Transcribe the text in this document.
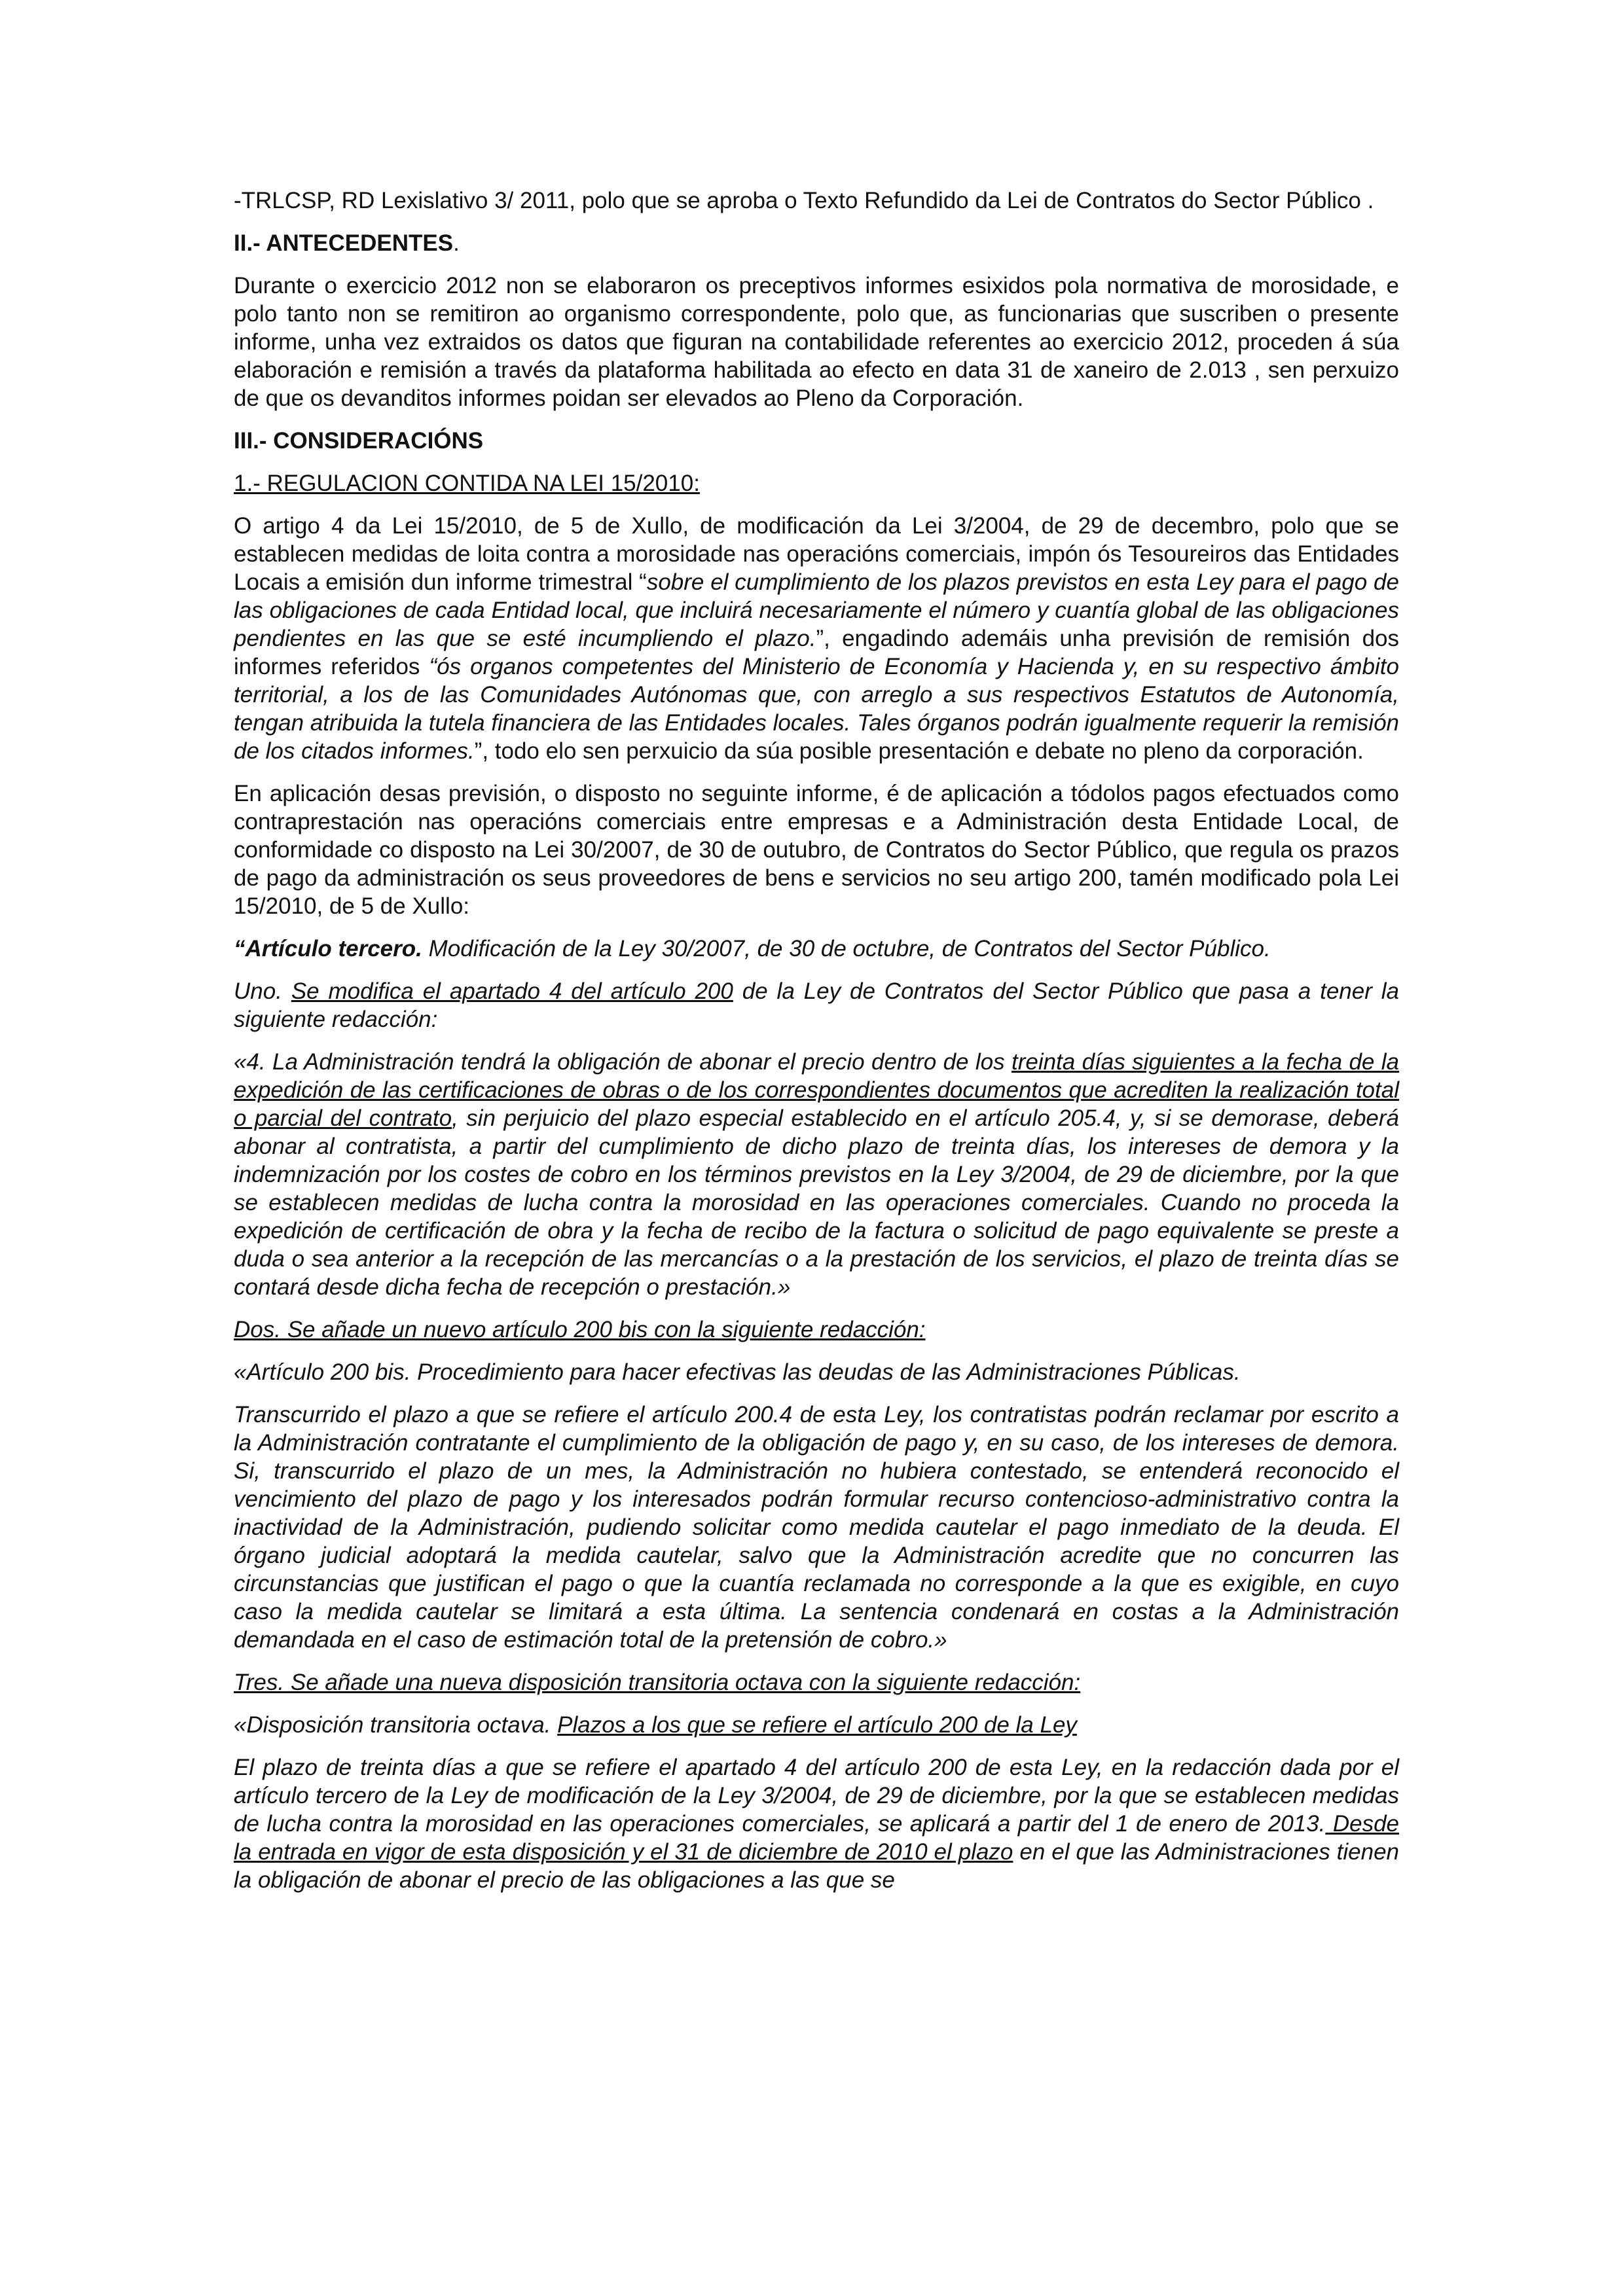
-TRLCSP, RD Lexislativo 3/ 2011, polo que se aproba o Texto Refundido da Lei de Contratos do Sector Público .

II.- ANTECEDENTES.

Durante o exercicio 2012 non se elaboraron os preceptivos informes esixidos pola normativa de morosidade, e polo tanto non se remitiron ao organismo correspondente, polo que, as funcionarias que suscriben o presente informe, unha vez extraidos os datos que figuran na contabilidade referentes ao exercicio 2012, proceden á súa elaboración e remisión a través da plataforma habilitada ao efecto en data 31 de xaneiro de 2.013 , sen perxuizo de que os devanditos informes poidan ser elevados ao Pleno da Corporación.

III.- CONSIDERACIÓNS

1.- REGULACION CONTIDA NA LEI 15/2010:

O artigo 4 da Lei 15/2010, de 5 de Xullo, de modificación da Lei 3/2004, de 29 de decembro, polo que se establecen medidas de loita contra a morosidade nas operacións comerciais, impón ós Tesoureiros das Entidades Locais a emisión dun informe trimestral “sobre el cumplimiento de los plazos previstos en esta Ley para el pago de las obligaciones de cada Entidad local, que incluirá necesariamente el número y cuantía global de las obligaciones pendientes en las que se esté incumpliendo el plazo.”, engadindo ademáis unha previsión de remisión dos informes referidos “ós organos competentes del Ministerio de Economía y Hacienda y, en su respectivo ámbito territorial, a los de las Comunidades Autónomas que, con arreglo a sus respectivos Estatutos de Autonomía, tengan atribuida la tutela financiera de las Entidades locales. Tales órganos podrán igualmente requerir la remisión de los citados informes.”, todo elo sen perxuicio da súa posible presentación e debate no pleno da corporación.

En aplicación desas previsión, o disposto no seguinte informe, é de aplicación a tódolos pagos efectuados como contraprestación nas operacións comerciais entre empresas e a Administración desta Entidade Local, de conformidade co disposto na Lei 30/2007, de 30 de outubro, de Contratos do Sector Público, que regula os prazos de pago da administración os seus proveedores de bens e servicios no seu artigo 200, tamén modificado pola Lei 15/2010, de 5 de Xullo:

“Artículo tercero. Modificación de la Ley 30/2007, de 30 de octubre, de Contratos del Sector Público.

Uno. Se modifica el apartado 4 del artículo 200 de la Ley de Contratos del Sector Público que pasa a tener la siguiente redacción:

«4. La Administración tendrá la obligación de abonar el precio dentro de los treinta días siguientes a la fecha de la expedición de las certificaciones de obras o de los correspondientes documentos que acrediten la realización total o parcial del contrato, sin perjuicio del plazo especial establecido en el artículo 205.4, y, si se demorase, deberá abonar al contratista, a partir del cumplimiento de dicho plazo de treinta días, los intereses de demora y la indemnización por los costes de cobro en los términos previstos en la Ley 3/2004, de 29 de diciembre, por la que se establecen medidas de lucha contra la morosidad en las operaciones comerciales. Cuando no proceda la expedición de certificación de obra y la fecha de recibo de la factura o solicitud de pago equivalente se preste a duda o sea anterior a la recepción de las mercancías o a la prestación de los servicios, el plazo de treinta días se contará desde dicha fecha de recepción o prestación.»

Dos. Se añade un nuevo artículo 200 bis con la siguiente redacción:

«Artículo 200 bis. Procedimiento para hacer efectivas las deudas de las Administraciones Públicas.

Transcurrido el plazo a que se refiere el artículo 200.4 de esta Ley, los contratistas podrán reclamar por escrito a la Administración contratante el cumplimiento de la obligación de pago y, en su caso, de los intereses de demora. Si, transcurrido el plazo de un mes, la Administración no hubiera contestado, se entenderá reconocido el vencimiento del plazo de pago y los interesados podrán formular recurso contencioso-administrativo contra la inactividad de la Administración, pudiendo solicitar como medida cautelar el pago inmediato de la deuda. El órgano judicial adoptará la medida cautelar, salvo que la Administración acredite que no concurren las circunstancias que justifican el pago o que la cuantía reclamada no corresponde a la que es exigible, en cuyo caso la medida cautelar se limitará a esta última. La sentencia condenará en costas a la Administración demandada en el caso de estimación total de la pretensión de cobro.»

Tres. Se añade una nueva disposición transitoria octava con la siguiente redacción:

«Disposición transitoria octava. Plazos a los que se refiere el artículo 200 de la Ley

El plazo de treinta días a que se refiere el apartado 4 del artículo 200 de esta Ley, en la redacción dada por el artículo tercero de la Ley de modificación de la Ley 3/2004, de 29 de diciembre, por la que se establecen medidas de lucha contra la morosidad en las operaciones comerciales, se aplicará a partir del 1 de enero de 2013. Desde la entrada en vigor de esta disposición y el 31 de diciembre de 2010 el plazo en el que las Administraciones tienen la obligación de abonar el precio de las obligaciones a las que se
